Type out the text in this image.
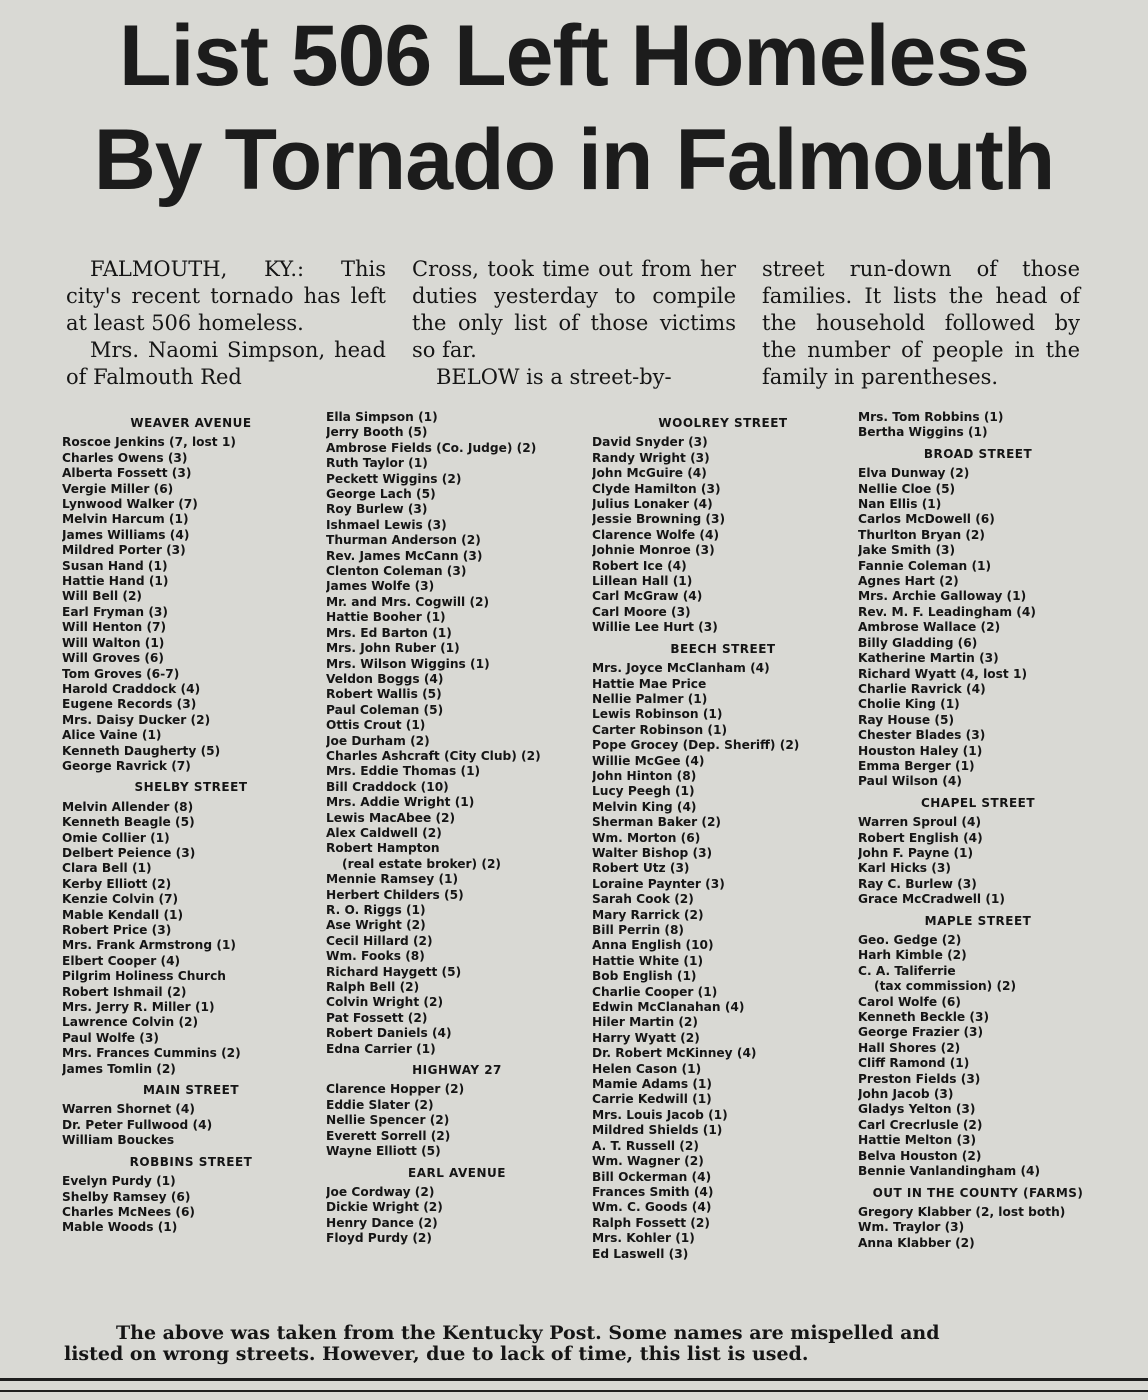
List 506 Left Homeless
By Tornado in Falmouth

FALMOUTH, KY.: This city's recent tornado has left at least 506 homeless.

Mrs. Naomi Simpson, head of Falmouth Red

Cross, took time out from her duties yesterday to compile the only list of those victims so far.

BELOW is a street-by-

street run-down of those families. It lists the head of the household followed by the number of people in the family in parentheses.

WEAVER AVENUE
Roscoe Jenkins (7, lost 1)
Charles Owens (3)
Alberta Fossett (3)
Vergie Miller (6)
Lynwood Walker (7)
Melvin Harcum (1)
James Williams (4)
Mildred Porter (3)
Susan Hand (1)
Hattie Hand (1)
Will Bell (2)
Earl Fryman (3)
Will Henton (7)
Will Walton (1)
Will Groves (6)
Tom Groves (6-7)
Harold Craddock (4)
Eugene Records (3)
Mrs. Daisy Ducker (2)
Alice Vaine (1)
Kenneth Daugherty (5)
George Ravrick (7)
SHELBY STREET
Melvin Allender (8)
Kenneth Beagle (5)
Omie Collier (1)
Delbert Peience (3)
Clara Bell (1)
Kerby Elliott (2)
Kenzie Colvin (7)
Mable Kendall (1)
Robert Price (3)
Mrs. Frank Armstrong (1)
Elbert Cooper (4)
Pilgrim Holiness Church
Robert Ishmail (2)
Mrs. Jerry R. Miller (1)
Lawrence Colvin (2)
Paul Wolfe (3)
Mrs. Frances Cummins (2)
James Tomlin (2)
MAIN STREET
Warren Shornet (4)
Dr. Peter Fullwood (4)
William Bouckes
ROBBINS STREET
Evelyn Purdy (1)
Shelby Ramsey (6)
Charles McNees (6)
Mable Woods (1)
Ella Simpson (1)
Jerry Booth (5)
Ambrose Fields (Co. Judge) (2)
Ruth Taylor (1)
Peckett Wiggins (2)
George Lach (5)
Roy Burlew (3)
Ishmael Lewis (3)
Thurman Anderson (2)
Rev. James McCann (3)
Clenton Coleman (3)
James Wolfe (3)
Mr. and Mrs. Cogwill (2)
Hattie Booher (1)
Mrs. Ed Barton (1)
Mrs. John Ruber (1)
Mrs. Wilson Wiggins (1)
Veldon Boggs (4)
Robert Wallis (5)
Paul Coleman (5)
Ottis Crout (1)
Joe Durham (2)
Charles Ashcraft (City Club) (2)
Mrs. Eddie Thomas (1)
Bill Craddock (10)
Mrs. Addie Wright (1)
Lewis MacAbee (2)
Alex Caldwell (2)
Robert Hampton
(real estate broker) (2)
Mennie Ramsey (1)
Herbert Childers (5)
R. O. Riggs (1)
Ase Wright (2)
Cecil Hillard (2)
Wm. Fooks (8)
Richard Haygett (5)
Ralph Bell (2)
Colvin Wright (2)
Pat Fossett (2)
Robert Daniels (4)
Edna Carrier (1)
HIGHWAY 27
Clarence Hopper (2)
Eddie Slater (2)
Nellie Spencer (2)
Everett Sorrell (2)
Wayne Elliott (5)
EARL AVENUE
Joe Cordway (2)
Dickie Wright (2)
Henry Dance (2)
Floyd Purdy (2)
WOOLREY STREET
David Snyder (3)
Randy Wright (3)
John McGuire (4)
Clyde Hamilton (3)
Julius Lonaker (4)
Jessie Browning (3)
Clarence Wolfe (4)
Johnie Monroe (3)
Robert Ice (4)
Lillean Hall (1)
Carl McGraw (4)
Carl Moore (3)
Willie Lee Hurt (3)
BEECH STREET
Mrs. Joyce McClanham (4)
Hattie Mae Price
Nellie Palmer (1)
Lewis Robinson (1)
Carter Robinson (1)
Pope Grocey (Dep. Sheriff) (2)
Willie McGee (4)
John Hinton (8)
Lucy Peegh (1)
Melvin King (4)
Sherman Baker (2)
Wm. Morton (6)
Walter Bishop (3)
Robert Utz (3)
Loraine Paynter (3)
Sarah Cook (2)
Mary Rarrick (2)
Bill Perrin (8)
Anna English (10)
Hattie White (1)
Bob English (1)
Charlie Cooper (1)
Edwin McClanahan (4)
Hiler Martin (2)
Harry Wyatt (2)
Dr. Robert McKinney (4)
Helen Cason (1)
Mamie Adams (1)
Carrie Kedwill (1)
Mrs. Louis Jacob (1)
Mildred Shields (1)
A. T. Russell (2)
Wm. Wagner (2)
Bill Ockerman (4)
Frances Smith (4)
Wm. C. Goods (4)
Ralph Fossett (2)
Mrs. Kohler (1)
Ed Laswell (3)
Mrs. Tom Robbins (1)
Bertha Wiggins (1)
BROAD STREET
Elva Dunway (2)
Nellie Cloe (5)
Nan Ellis (1)
Carlos McDowell (6)
Thurlton Bryan (2)
Jake Smith (3)
Fannie Coleman (1)
Agnes Hart (2)
Mrs. Archie Galloway (1)
Rev. M. F. Leadingham (4)
Ambrose Wallace (2)
Billy Gladding (6)
Katherine Martin (3)
Richard Wyatt (4, lost 1)
Charlie Ravrick (4)
Cholie King (1)
Ray House (5)
Chester Blades (3)
Houston Haley (1)
Emma Berger (1)
Paul Wilson (4)
CHAPEL STREET
Warren Sproul (4)
Robert English (4)
John F. Payne (1)
Karl Hicks (3)
Ray C. Burlew (3)
Grace McCradwell (1)
MAPLE STREET
Geo. Gedge (2)
Harh Kimble (2)
C. A. Taliferrie
(tax commission) (2)
Carol Wolfe (6)
Kenneth Beckle (3)
George Frazier (3)
Hall Shores (2)
Cliff Ramond (1)
Preston Fields (3)
John Jacob (3)
Gladys Yelton (3)
Carl Crecrlusle (2)
Hattie Melton (3)
Belva Houston (2)
Bennie Vanlandingham (4)
OUT IN THE COUNTY (FARMS)
Gregory Klabber (2, lost both)
Wm. Traylor (3)
Anna Klabber (2)
The above was taken from the Kentucky Post. Some names are mispelled and
listed on wrong streets. However, due to lack of time, this list is used.
